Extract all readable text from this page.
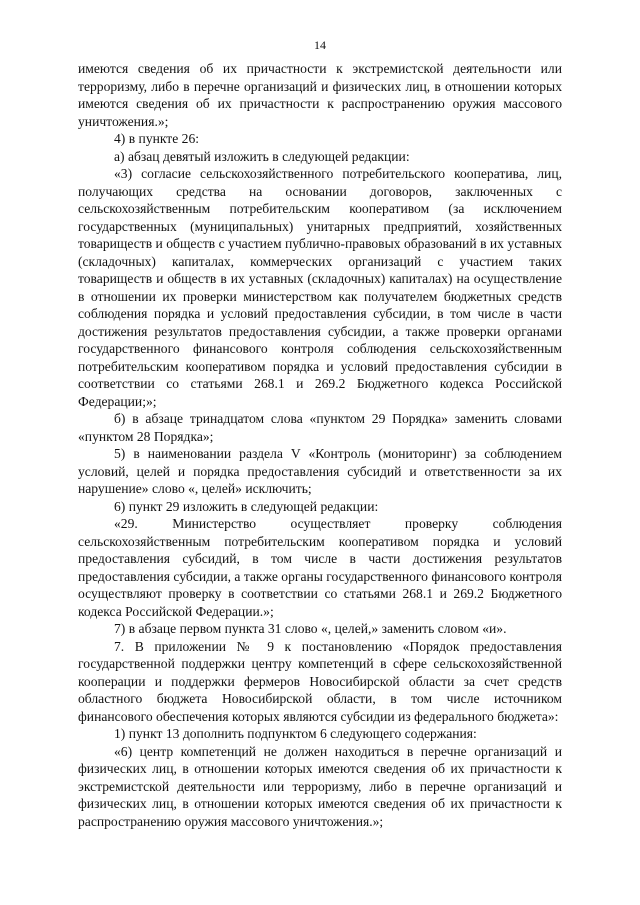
14

имеются сведения об их причастности к экстремистской деятельности или терроризму, либо в перечне организаций и физических лиц, в отношении которых имеются сведения об их причастности к распространению оружия массового уничтожения.»;

4) в пункте 26:

а) абзац девятый изложить в следующей редакции:

«3) согласие сельскохозяйственного потребительского кооператива, лиц, получающих средства на основании договоров, заключенных с сельскохозяйственным потребительским кооперативом (за исключением государственных (муниципальных) унитарных предприятий, хозяйственных товариществ и обществ с участием публично-правовых образований в их уставных (складочных) капиталах, коммерческих организаций с участием таких товариществ и обществ в их уставных (складочных) капиталах) на осуществление в отношении их проверки министерством как получателем бюджетных средств соблюдения порядка и условий предоставления субсидии, в том числе в части достижения результатов предоставления субсидии, а также проверки органами государственного финансового контроля соблюдения сельскохозяйственным потребительским кооперативом порядка и условий предоставления субсидии в соответствии со статьями 268.1 и 269.2 Бюджетного кодекса Российской Федерации;»;

б) в абзаце тринадцатом слова «пунктом 29 Порядка» заменить словами «пунктом 28 Порядка»;

5) в наименовании раздела V «Контроль (мониторинг) за соблюдением условий, целей и порядка предоставления субсидий и ответственности за их нарушение» слово «, целей» исключить;

6) пункт 29 изложить в следующей редакции:

«29. Министерство осуществляет проверку соблюдения сельскохозяйственным потребительским кооперативом порядка и условий предоставления субсидий, в том числе в части достижения результатов предоставления субсидии, а также органы государственного финансового контроля осуществляют проверку в соответствии со статьями 268.1 и 269.2 Бюджетного кодекса Российской Федерации.»;

7) в абзаце первом пункта 31 слово «, целей,» заменить словом «и».

7. В приложении № 9 к постановлению «Порядок предоставления государственной поддержки центру компетенций в сфере сельскохозяйственной кооперации и поддержки фермеров Новосибирской области за счет средств областного бюджета Новосибирской области, в том числе источником финансового обеспечения которых являются субсидии из федерального бюджета»:

1) пункт 13 дополнить подпунктом 6 следующего содержания:

«6) центр компетенций не должен находиться в перечне организаций и физических лиц, в отношении которых имеются сведения об их причастности к экстремистской деятельности или терроризму, либо в перечне организаций и физических лиц, в отношении которых имеются сведения об их причастности к распространению оружия массового уничтожения.»;
